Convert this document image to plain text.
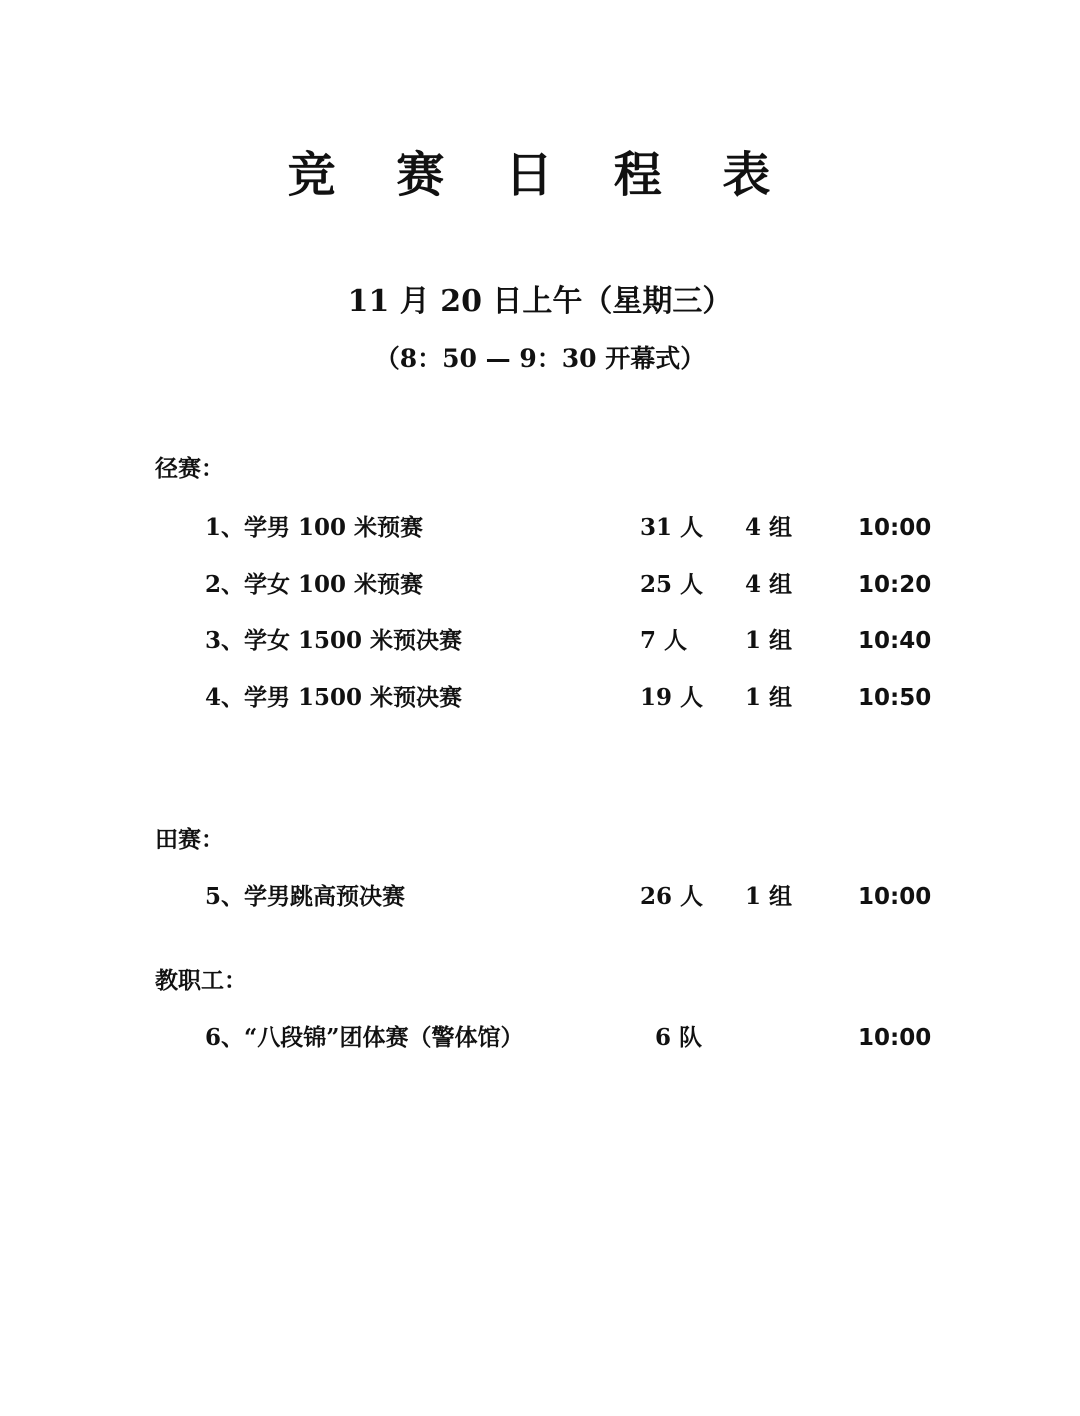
竞 赛 日 程 表
11 月 20 日上午（星期三）
（8：50 — 9：30 开幕式）
径赛：
1、学男 100 米预赛	31 人 4 组	10:00
2、学女 100 米预赛	25 人 4 组	10:20
3、学女 1500 米预决赛	7 人	1 组	10:40
4、学男 1500 米预决赛	19 人 1 组	10:50
田赛：
5、学男跳高预决赛	26 人 1 组	10:00
教职工：
6、“八段锦”团体赛（警体馆）	6 队	10:00
